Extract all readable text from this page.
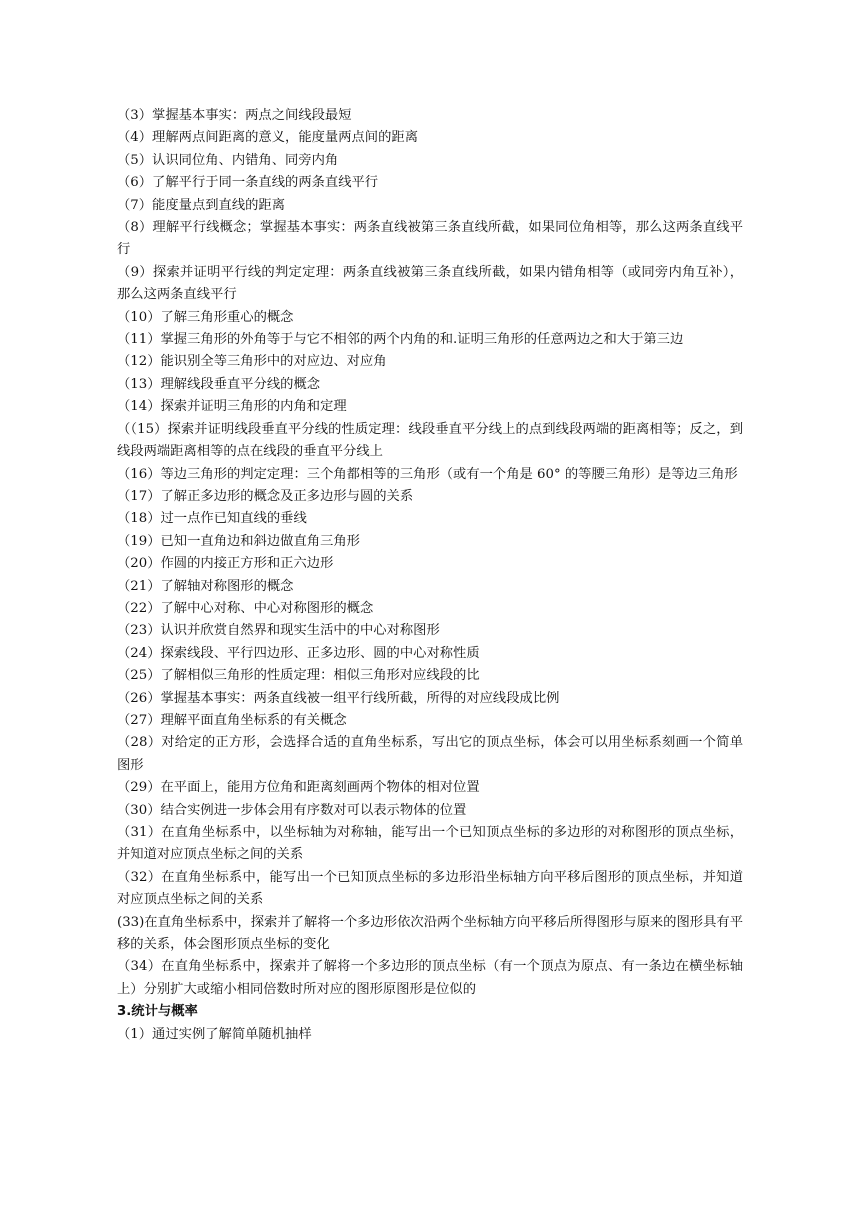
（3）掌握基本事实：两点之间线段最短

（4）理解两点间距离的意义，能度量两点间的距离

（5）认识同位角、内错角、同旁内角

（6）了解平行于同一条直线的两条直线平行

（7）能度量点到直线的距离

（8）理解平行线概念；掌握基本事实：两条直线被第三条直线所截，如果同位角相等，那么这两条直线平行

（9）探索并证明平行线的判定定理：两条直线被第三条直线所截，如果内错角相等（或同旁内角互补），那么这两条直线平行

（10）了解三角形重心的概念

（11）掌握三角形的外角等于与它不相邻的两个内角的和.证明三角形的任意两边之和大于第三边

（12）能识别全等三角形中的对应边、对应角

（13）理解线段垂直平分线的概念

（14）探索并证明三角形的内角和定理

（（15）探索并证明线段垂直平分线的性质定理：线段垂直平分线上的点到线段两端的距离相等；反之，到线段两端距离相等的点在线段的垂直平分线上

（16）等边三角形的判定定理：三个角都相等的三角形（或有一个角是 60° 的等腰三角形）是等边三角形

（17）了解正多边形的概念及正多边形与圆的关系

（18）过一点作已知直线的垂线

（19）已知一直角边和斜边做直角三角形

（20）作圆的内接正方形和正六边形

（21）了解轴对称图形的概念

（22）了解中心对称、中心对称图形的概念

（23）认识并欣赏自然界和现实生活中的中心对称图形

（24）探索线段、平行四边形、正多边形、圆的中心对称性质

（25）了解相似三角形的性质定理：相似三角形对应线段的比

（26）掌握基本事实：两条直线被一组平行线所截，所得的对应线段成比例

（27）理解平面直角坐标系的有关概念

（28）对给定的正方形，会选择合适的直角坐标系，写出它的顶点坐标，体会可以用坐标系刻画一个简单图形

（29）在平面上，能用方位角和距离刻画两个物体的相对位置

（30）结合实例进一步体会用有序数对可以表示物体的位置

（31）在直角坐标系中，以坐标轴为对称轴，能写出一个已知顶点坐标的多边形的对称图形的顶点坐标，并知道对应顶点坐标之间的关系

（32）在直角坐标系中，能写出一个已知顶点坐标的多边形沿坐标轴方向平移后图形的顶点坐标，并知道对应顶点坐标之间的关系

(33)在直角坐标系中，探索并了解将一个多边形依次沿两个坐标轴方向平移后所得图形与原来的图形具有平移的关系，体会图形顶点坐标的变化

（34）在直角坐标系中，探索并了解将一个多边形的顶点坐标（有一个顶点为原点、有一条边在横坐标轴上）分别扩大或缩小相同倍数时所对应的图形原图形是位似的

3.统计与概率

（1）通过实例了解简单随机抽样
